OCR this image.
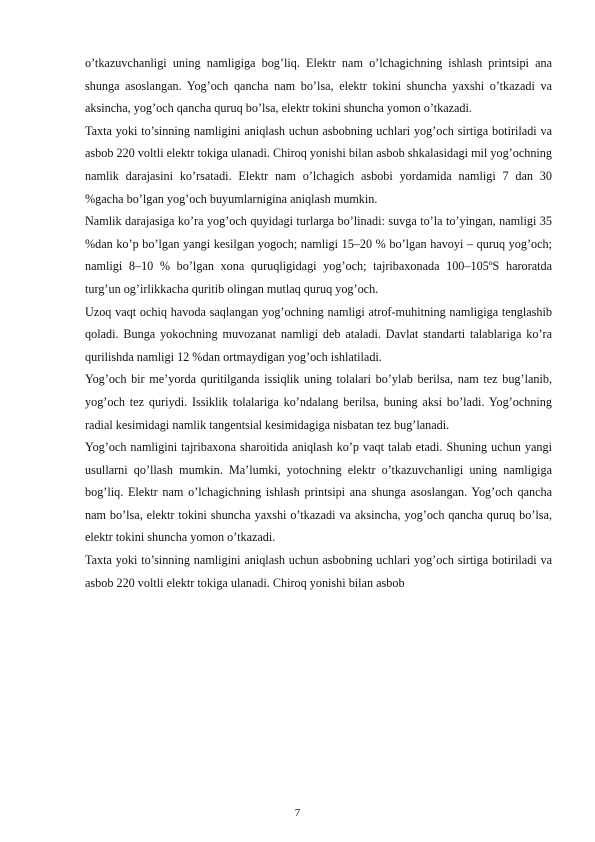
o’tkazuvchanligi uning namligiga bog’liq. Elektr nam o’lchagichning ishlash printsipi ana shunga asoslangan. Yog’och qancha nam bo’lsa, elektr tokini shuncha yaxshi o’tkazadi va aksincha, yog’och qancha quruq bo’lsa, elektr tokini shuncha yomon o’tkazadi.

Taxta yoki to’sinning namligini aniqlash uchun asbobning uchlari yog’och sirtiga botiriladi va asbob 220 voltli elektr tokiga ulanadi. Chiroq yonishi bilan asbob shkalasidagi mil yog’ochning namlik darajasini ko’rsatadi. Elektr nam o’lchagich asbobi yordamida namligi 7 dan 30 %gacha bo’lgan yog’och buyumlarnigina aniqlash mumkin.

Namlik darajasiga ko’ra yog’och quyidagi turlarga bo’linadi: suvga to’la to’yingan, namligi 35 %dan ko’p bo’lgan yangi kesilgan yogoch; namligi 15–20 % bo’lgan havoyi – quruq yog’och; namligi 8–10 % bo’lgan xona quruqligidagi yog’och; tajribaxonada 100–105ºS haroratda turg’un og’irlikkacha quritib olingan mutlaq quruq yog’och.

Uzoq vaqt ochiq havoda saqlangan yog’ochning namligi atrof-muhitning namligiga tenglashib qoladi. Bunga yokochning muvozanat namligi deb ataladi. Davlat standarti talablariga ko’ra qurilishda namligi 12 %dan ortmaydigan yog’och ishlatiladi.

Yog’och bir me’yorda quritilganda issiqlik uning tolalari bo’ylab berilsa, nam tez bug’lanib, yog’och tez quriydi. Issiklik tolalariga ko’ndalang berilsa, buning aksi bo’ladi. Yog’ochning radial kesimidagi namlik tangentsial kesimidagiga nisbatan tez bug’lanadi.

Yog’och namligini tajribaxona sharoitida aniqlash ko’p vaqt talab etadi. Shuning uchun yangi usullarni qo’llash mumkin. Ma’lumki, yotochning elektr o’tkazuvchanligi uning namligiga bog’liq. Elektr nam o’lchagichning ishlash printsipi ana shunga asoslangan. Yog’och qancha nam bo’lsa, elektr tokini shuncha yaxshi o’tkazadi va aksincha, yog’och qancha quruq bo’lsa, elektr tokini shuncha yomon o’tkazadi.

Taxta yoki to’sinning namligini aniqlash uchun asbobning uchlari yog’och sirtiga botiriladi va asbob 220 voltli elektr tokiga ulanadi. Chiroq yonishi bilan asbob

7
